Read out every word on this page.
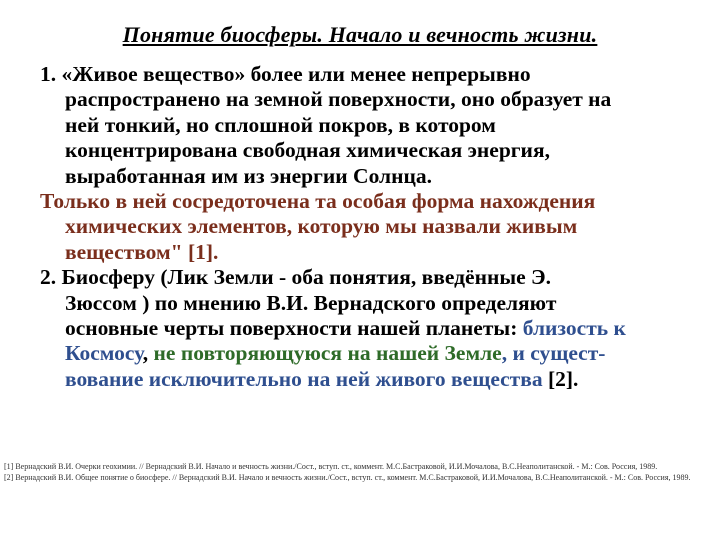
Понятие биосферы. Начало и вечность жизни.

1. «Живое вещество» более или менее непрерывно
распространено на земной поверхности, оно образует на
ней тонкий, но сплошной покров, в котором
концентрирована свободная химическая энергия,
выработанная им из энергии Солнца.

Только в ней сосредоточена та особая форма нахождения
химических элементов, которую мы назвали живым
веществом" [1].

2. Биосферу (Лик Земли - оба понятия, введённые Э.
Зюссом ) по мнению В.И. Вернадского определяют
основные черты поверхности нашей планеты: близость к
Космосу, не повторяющуюся на нашей Земле, и сущест-
вование исключительно на ней живого вещества [2].

[1] Вернадский В.И. Очерки геохимии. // Вернадский В.И. Начало и вечность жизни./Сост., вступ. ст., коммент. М.С.Бастраковой, И.И.Мочалова, В.С.Неаполитанской. - М.: Сов. Россия, 1989.

[2] Вернадский В.И. Общее понятие о биосфере. // Вернадский В.И. Начало и вечность жизни./Сост., вступ. ст., коммент. М.С.Бастраковой, И.И.Мочалова, В.С.Неаполитанской. - М.: Сов. Россия, 1989.
